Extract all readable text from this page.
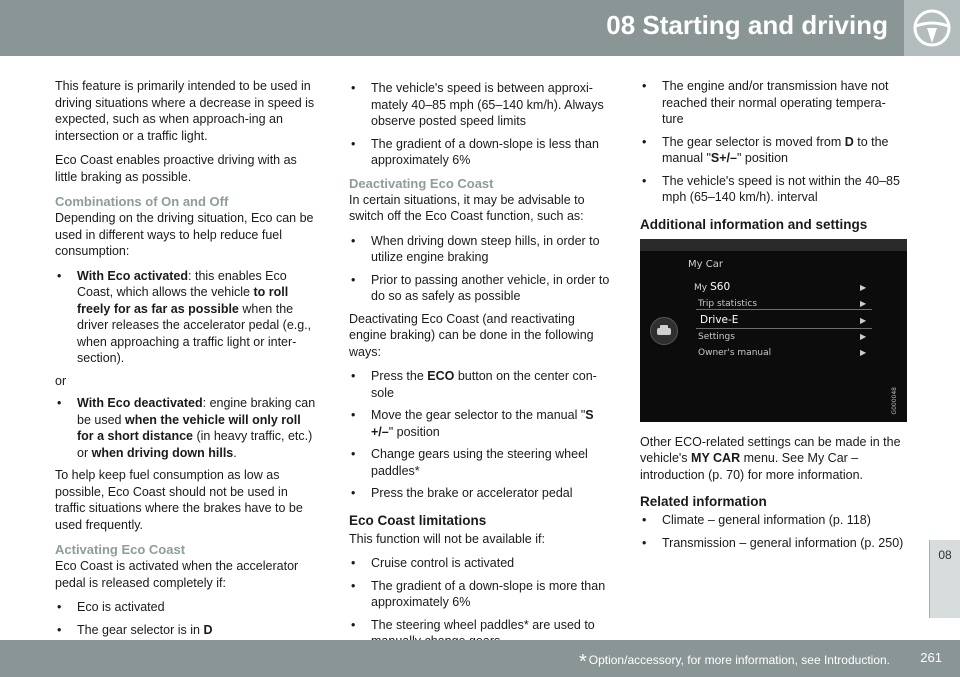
08 Starting and driving
08

This feature is primarily intended to be used in driving situations where a decrease in speed is expected, such as when approach-ing an intersection or a traffic light.

Eco Coast enables proactive driving with as little braking as possible.

Combinations of On and Off

Depending on the driving situation, Eco can be used in different ways to help reduce fuel consumption:

• With Eco activated: this enables Eco Coast, which allows the vehicle to roll freely for as far as possible when the driver releases the accelerator pedal (e.g., when approaching a traffic light or inter-section).
or
• With Eco deactivated: engine braking can be used when the vehicle will only roll for a short distance (in heavy traffic, etc.) or when driving down hills.

To help keep fuel consumption as low as possible, Eco Coast should not be used in traffic situations where the brakes have to be used frequently.

Activating Eco Coast

Eco Coast is activated when the accelerator pedal is released completely if:

• Eco is activated
• The gear selector is in D
• The vehicle's speed is between approxi-mately 40–85 mph (65–140 km/h). Always observe posted speed limits
• The gradient of a down-slope is less than approximately 6%
Deactivating Eco Coast

In certain situations, it may be advisable to switch off the Eco Coast function, such as:

• When driving down steep hills, in order to utilize engine braking
• Prior to passing another vehicle, in order to do so as safely as possible

Deactivating Eco Coast (and reactivating engine braking) can be done in the following ways:

• Press the ECO button on the center con-sole
• Move the gear selector to the manual "S +/–" position
• Change gears using the steering wheel paddles*
• Press the brake or accelerator pedal
Eco Coast limitations

This function will not be available if:

• Cruise control is activated
• The gradient of a down-slope is more than approximately 6%
• The steering wheel paddles* are used to
• The engine and/or transmission have not reached their normal operating tempera-ture
• The gear selector is moved from D to the manual "S+/–" position
• The vehicle's speed is not within the 40–85 mph (65–140 km/h). interval
Additional information and settings
My Car
My S60	▶
Trip statistics	▶
Drive-E	▶
Settings	▶
Owner's manual	▶
G000048

Other ECO-related settings can be made in the vehicle's MY CAR menu. See My Car – introduction (p. 70) for more information.

Related information
• Climate – general information (p. 118)
• Transmission – general information (p. 250)
* Option/accessory, for more information, see Introduction. 261
